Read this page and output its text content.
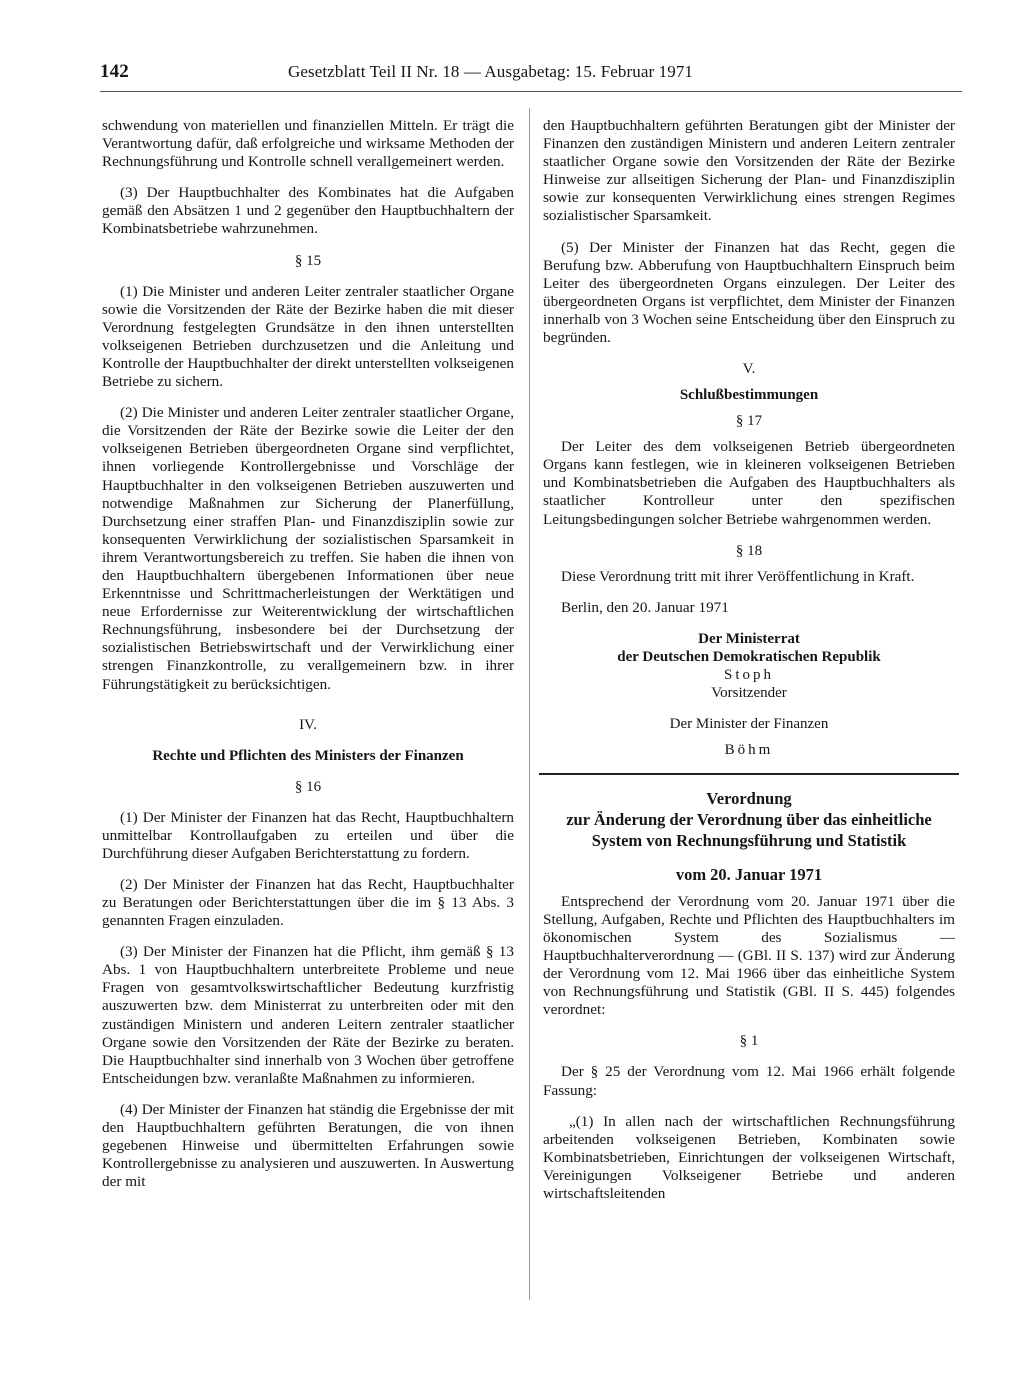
142	Gesetzblatt Teil II Nr. 18 — Ausgabetag: 15. Februar 1971

schwendung von materiellen und finanziellen Mitteln. Er trägt die Verantwortung dafür, daß erfolgreiche und wirksame Methoden der Rechnungsführung und Kontrolle schnell verallgemeinert werden.

(3) Der Hauptbuchhalter des Kombinates hat die Aufgaben gemäß den Absätzen 1 und 2 gegenüber den Hauptbuchhaltern der Kombinatsbetriebe wahrzunehmen.

§ 15

(1) Die Minister und anderen Leiter zentraler staatlicher Organe sowie die Vorsitzenden der Räte der Bezirke haben die mit dieser Verordnung festgelegten Grundsätze in den ihnen unterstellten volkseigenen Betrieben durchzusetzen und die Anleitung und Kontrolle der Hauptbuchhalter der direkt unterstellten volkseigenen Betriebe zu sichern.

(2) Die Minister und anderen Leiter zentraler staatlicher Organe, die Vorsitzenden der Räte der Bezirke sowie die Leiter der den volkseigenen Betrieben übergeordneten Organe sind verpflichtet, ihnen vorliegende Kontrollergebnisse und Vorschläge der Hauptbuchhalter in den volkseigenen Betrieben auszuwerten und notwendige Maßnahmen zur Sicherung der Planerfüllung, Durchsetzung einer straffen Plan- und Finanzdisziplin sowie zur konsequenten Verwirklichung der sozialistischen Sparsamkeit in ihrem Verantwortungsbereich zu treffen. Sie haben die ihnen von den Hauptbuchhaltern übergebenen Informationen über neue Erkenntnisse und Schrittmacherleistungen der Werktätigen und neue Erfordernisse zur Weiterentwicklung der wirtschaftlichen Rechnungsführung, insbesondere bei der Durchsetzung der sozialistischen Betriebswirtschaft und der Verwirklichung einer strengen Finanzkontrolle, zu verallgemeinern bzw. in ihrer Führungstätigkeit zu berücksichtigen.

IV.

Rechte und Pflichten des Ministers der Finanzen

§ 16

(1) Der Minister der Finanzen hat das Recht, Hauptbuchhaltern unmittelbar Kontrollaufgaben zu erteilen und über die Durchführung dieser Aufgaben Berichterstattung zu fordern.

(2) Der Minister der Finanzen hat das Recht, Hauptbuchhalter zu Beratungen oder Berichterstattungen über die im § 13 Abs. 3 genannten Fragen einzuladen.

(3) Der Minister der Finanzen hat die Pflicht, ihm gemäß § 13 Abs. 1 von Hauptbuchhaltern unterbreitete Probleme und neue Fragen von gesamtvolkswirtschaftlicher Bedeutung kurzfristig auszuwerten bzw. dem Ministerrat zu unterbreiten oder mit den zuständigen Ministern und anderen Leitern zentraler staatlicher Organe sowie den Vorsitzenden der Räte der Bezirke zu beraten. Die Hauptbuchhalter sind innerhalb von 3 Wochen über getroffene Entscheidungen bzw. veranlaßte Maßnahmen zu informieren.

(4) Der Minister der Finanzen hat ständig die Ergebnisse der mit den Hauptbuchhaltern geführten Beratungen, die von ihnen gegebenen Hinweise und übermittelten Erfahrungen sowie Kontrollergebnisse zu analysieren und auszuwerten. In Auswertung der mit

den Hauptbuchhaltern geführten Beratungen gibt der Minister der Finanzen den zuständigen Ministern und anderen Leitern zentraler staatlicher Organe sowie den Vorsitzenden der Räte der Bezirke Hinweise zur allseitigen Sicherung der Plan- und Finanzdisziplin sowie zur konsequenten Verwirklichung eines strengen Regimes sozialistischer Sparsamkeit.

(5) Der Minister der Finanzen hat das Recht, gegen die Berufung bzw. Abberufung von Hauptbuchhaltern Einspruch beim Leiter des übergeordneten Organs einzulegen. Der Leiter des übergeordneten Organs ist verpflichtet, dem Minister der Finanzen innerhalb von 3 Wochen seine Entscheidung über den Einspruch zu begründen.

V.

Schlußbestimmungen

§ 17

Der Leiter des dem volkseigenen Betrieb übergeordneten Organs kann festlegen, wie in kleineren volkseigenen Betrieben und Kombinatsbetrieben die Aufgaben des Hauptbuchhalters als staatlicher Kontrolleur unter den spezifischen Leitungsbedingungen solcher Betriebe wahrgenommen werden.

§ 18

Diese Verordnung tritt mit ihrer Veröffentlichung in Kraft.

Berlin, den 20. Januar 1971

Der Ministerrat

der Deutschen Demokratischen Republik

Stoph

Vorsitzender

Der Minister der Finanzen

Böhm

Verordnung

zur Änderung der Verordnung über das einheitliche

System von Rechnungsführung und Statistik

vom 20. Januar 1971

Entsprechend der Verordnung vom 20. Januar 1971 über die Stellung, Aufgaben, Rechte und Pflichten des Hauptbuchhalters im ökonomischen System des Sozialismus — Hauptbuchhalterverordnung — (GBl. II S. 137) wird zur Änderung der Verordnung vom 12. Mai 1966 über das einheitliche System von Rechnungsführung und Statistik (GBl. II S. 445) folgendes verordnet:

§ 1

Der § 25 der Verordnung vom 12. Mai 1966 erhält folgende Fassung:

„(1) In allen nach der wirtschaftlichen Rechnungsführung arbeitenden volkseigenen Betrieben, Kombinaten sowie Kombinatsbetrieben, Einrichtungen der volkseigenen Wirtschaft, Vereinigungen Volkseigener Betriebe und anderen wirtschaftsleitenden
